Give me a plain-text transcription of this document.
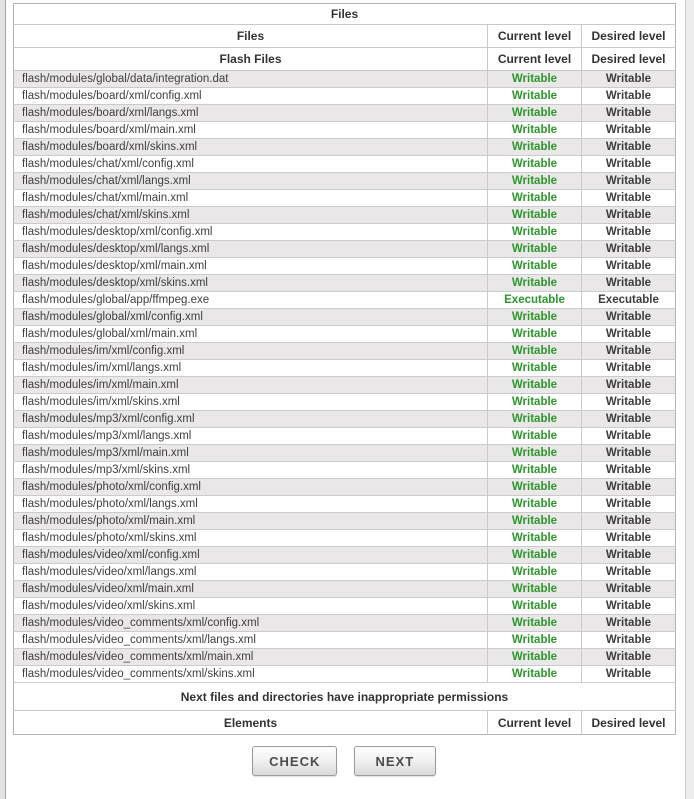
Files		
Files	Current level	Desired level
Flash Files	Current level	Desired level
flash/modules/global/data/integration.dat	Writable	Writable
flash/modules/board/xml/config.xml	Writable	Writable
flash/modules/board/xml/langs.xml	Writable	Writable
flash/modules/board/xml/main.xml	Writable	Writable
flash/modules/board/xml/skins.xml	Writable	Writable
flash/modules/chat/xml/config.xml	Writable	Writable
flash/modules/chat/xml/langs.xml	Writable	Writable
flash/modules/chat/xml/main.xml	Writable	Writable
flash/modules/chat/xml/skins.xml	Writable	Writable
flash/modules/desktop/xml/config.xml	Writable	Writable
flash/modules/desktop/xml/langs.xml	Writable	Writable
flash/modules/desktop/xml/main.xml	Writable	Writable
flash/modules/desktop/xml/skins.xml	Writable	Writable
flash/modules/global/app/ffmpeg.exe	Executable	Executable
flash/modules/global/xml/config.xml	Writable	Writable
flash/modules/global/xml/main.xml	Writable	Writable
flash/modules/im/xml/config.xml	Writable	Writable
flash/modules/im/xml/langs.xml	Writable	Writable
flash/modules/im/xml/main.xml	Writable	Writable
flash/modules/im/xml/skins.xml	Writable	Writable
flash/modules/mp3/xml/config.xml	Writable	Writable
flash/modules/mp3/xml/langs.xml	Writable	Writable
flash/modules/mp3/xml/main.xml	Writable	Writable
flash/modules/mp3/xml/skins.xml	Writable	Writable
flash/modules/photo/xml/config.xml	Writable	Writable
flash/modules/photo/xml/langs.xml	Writable	Writable
flash/modules/photo/xml/main.xml	Writable	Writable
flash/modules/photo/xml/skins.xml	Writable	Writable
flash/modules/video/xml/config.xml	Writable	Writable
flash/modules/video/xml/langs.xml	Writable	Writable
flash/modules/video/xml/main.xml	Writable	Writable
flash/modules/video/xml/skins.xml	Writable	Writable
flash/modules/video_comments/xml/config.xml	Writable	Writable
flash/modules/video_comments/xml/langs.xml	Writable	Writable
flash/modules/video_comments/xml/main.xml	Writable	Writable
flash/modules/video_comments/xml/skins.xml	Writable	Writable
Next files and directories have inappropriate permissions		
Elements	Current level	Desired level
CHECK	NEXT
